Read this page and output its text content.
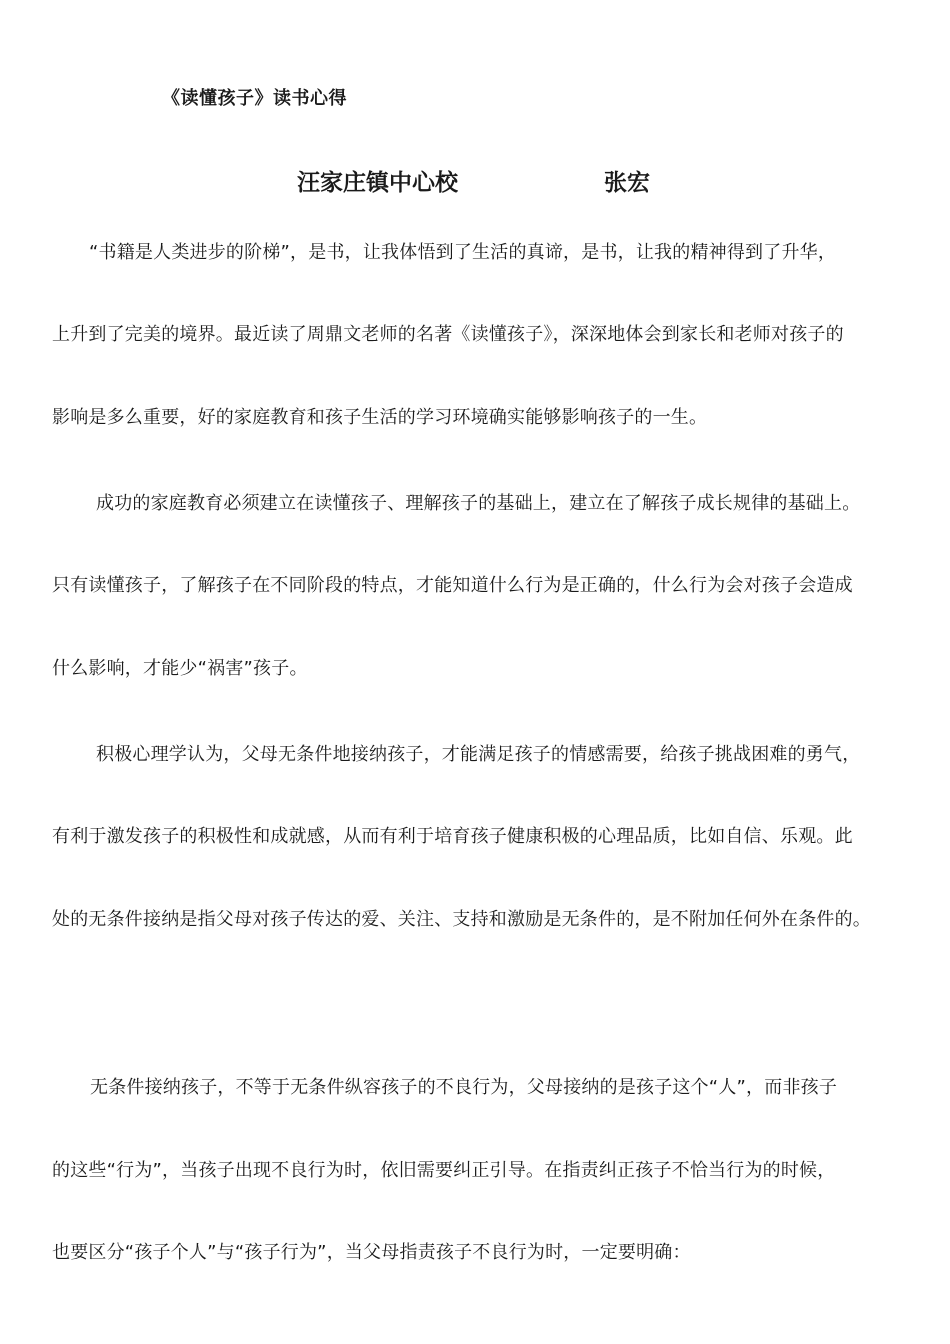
《读懂孩子》读书心得
汪家庄镇中心校	张宏
“书籍是人类进步的阶梯”，是书，让我体悟到了生活的真谛，是书，让我的精神得到了升华，
上升到了完美的境界。最近读了周鼎文老师的名著《读懂孩子》，深深地体会到家长和老师对孩子的
影响是多么重要，好的家庭教育和孩子生活的学习环境确实能够影响孩子的一生。
成功的家庭教育必须建立在读懂孩子、理解孩子的基础上，建立在了解孩子成长规律的基础上。
只有读懂孩子，了解孩子在不同阶段的特点，才能知道什么行为是正确的，什么行为会对孩子会造成
什么影响，才能少“祸害”孩子。
积极心理学认为，父母无条件地接纳孩子，才能满足孩子的情感需要，给孩子挑战困难的勇气，
有利于激发孩子的积极性和成就感，从而有利于培育孩子健康积极的心理品质，比如自信、乐观。此
处的无条件接纳是指父母对孩子传达的爱、关注、支持和激励是无条件的，是不附加任何外在条件的。
无条件接纳孩子，不等于无条件纵容孩子的不良行为，父母接纳的是孩子这个“人”，而非孩子
的这些“行为”，当孩子出现不良行为时，依旧需要纠正引导。在指责纠正孩子不恰当行为的时候，
也要区分“孩子个人”与“孩子行为”，当父母指责孩子不良行为时，一定要明确：
